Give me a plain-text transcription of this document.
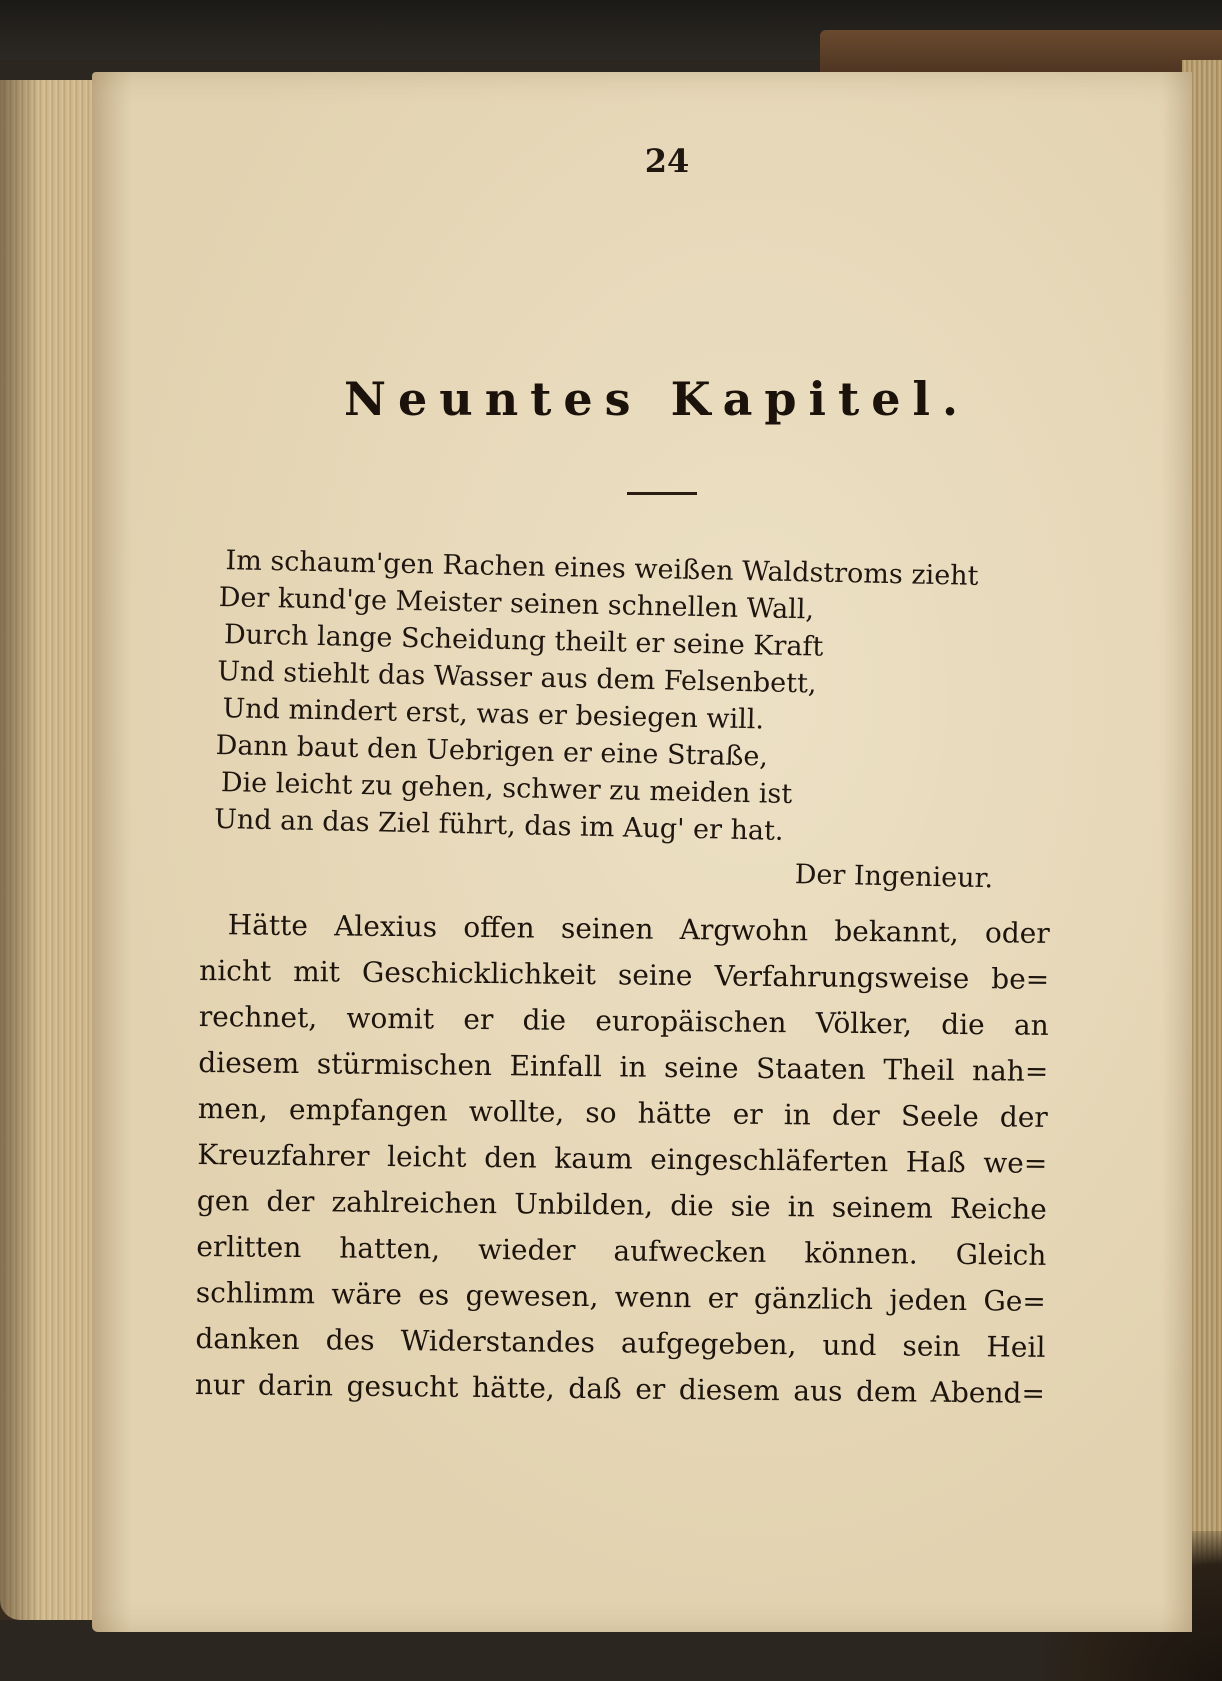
24
Neuntes Kapitel.
Im schaum'gen Rachen eines weißen Waldstroms zieht
Der kund'ge Meister seinen schnellen Wall,
Durch lange Scheidung theilt er seine Kraft
Und stiehlt das Wasser aus dem Felsenbett,
Und mindert erst, was er besiegen will.
Dann baut den Uebrigen er eine Straße,
Die leicht zu gehen, schwer zu meiden ist
Und an das Ziel führt, das im Aug' er hat.
Der Ingenieur.
Hätte Alexius offen seinen Argwohn bekannt, oder
nicht mit Geschicklichkeit seine Verfahrungsweise be=
rechnet, womit er die europäischen Völker, die an
diesem stürmischen Einfall in seine Staaten Theil nah=
men, empfangen wollte, so hätte er in der Seele der
Kreuzfahrer leicht den kaum eingeschläferten Haß we=
gen der zahlreichen Unbilden, die sie in seinem Reiche
erlitten hatten, wieder aufwecken können. Gleich
schlimm wäre es gewesen, wenn er gänzlich jeden Ge=
danken des Widerstandes aufgegeben, und sein Heil
nur darin gesucht hätte, daß er diesem aus dem Abend=
